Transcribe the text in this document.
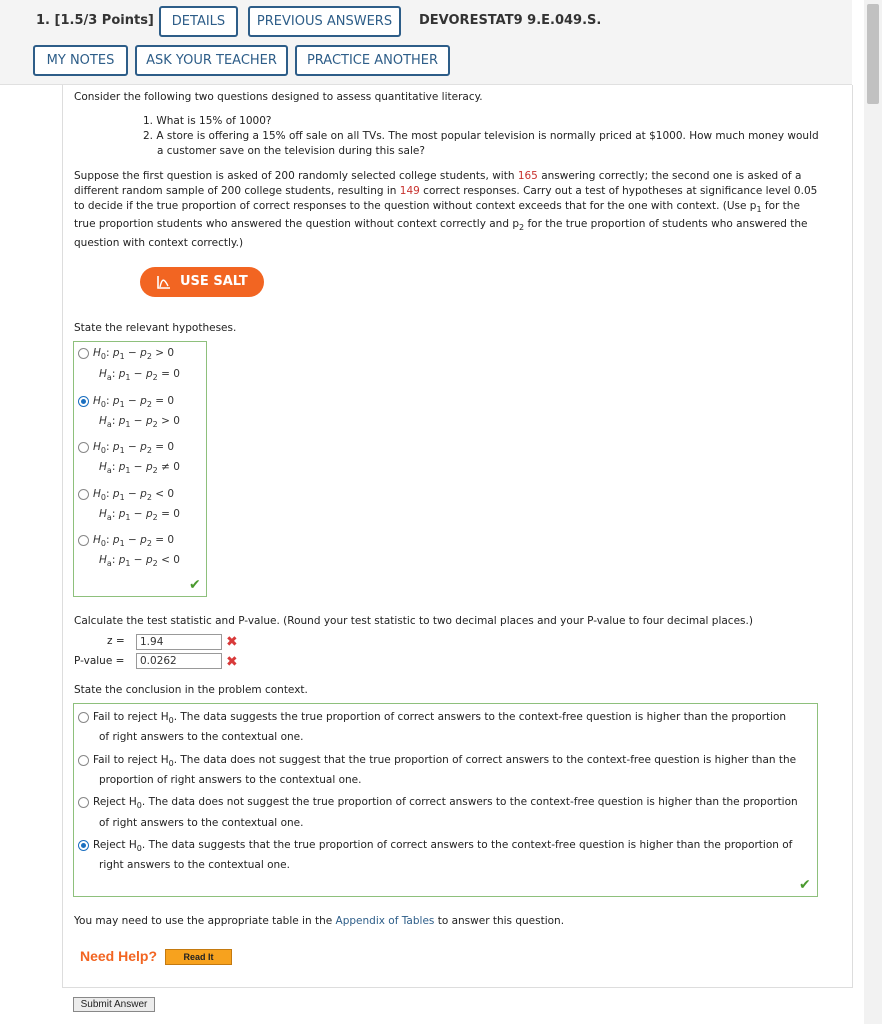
1. [1.5/3 Points]	DETAILS	PREVIOUS ANSWERS	DEVORESTAT9 9.E.049.S.
MY NOTES	ASK YOUR TEACHER	PRACTICE ANOTHER
Consider the following two questions designed to assess quantitative literacy.
1. What is 15% of 1000?
2. A store is offering a 15% off sale on all TVs. The most popular television is normally priced at $1000. How much money would
a customer save on the television during this sale?
Suppose the first question is asked of 200 randomly selected college students, with 165 answering correctly; the second one is asked of a
different random sample of 200 college students, resulting in 149 correct responses. Carry out a test of hypotheses at significance level 0.05
to decide if the true proportion of correct responses to the question without context exceeds that for the one with context. (Use $p_1$ for the
true proportion students who answered the question without context correctly and $p_2$ for the true proportion of students who answered the
question with context correctly.)
USE SALT
State the relevant hypotheses.
$H_0$: $p_1 - p_2 > 0$
$H_a$: $p_1 - p_2 = 0$
$H_0$: $p_1 - p_2 = 0$
$H_a$: $p_1 - p_2 > 0$
$H_0$: $p_1 - p_2 = 0$
$H_a$: $p_1 - p_2 \ne 0$
$H_0$: $p_1 - p_2 < 0$
$H_a$: $p_1 - p_2 = 0$
$H_0$: $p_1 - p_2 = 0$
$H_a$: $p_1 - p_2 < 0$
✔
Calculate the test statistic and P-value. (Round your test statistic to two decimal places and your P-value to four decimal places.)
z =	1.94	✖
P-value =	0.0262	✖
State the conclusion in the problem context.
Fail to reject $H_0$. The data suggests the true proportion of correct answers to the context-free question is higher than the proportion
of right answers to the contextual one.
Fail to reject $H_0$. The data does not suggest that the true proportion of correct answers to the context-free question is higher than the
proportion of right answers to the contextual one.
Reject $H_0$. The data does not suggest the true proportion of correct answers to the context-free question is higher than the proportion
of right answers to the contextual one.
Reject $H_0$. The data suggests that the true proportion of correct answers to the context-free question is higher than the proportion of
right answers to the contextual one.
✔
You may need to use the appropriate table in the Appendix of Tables to answer this question.
Need Help?	Read It
Submit Answer
